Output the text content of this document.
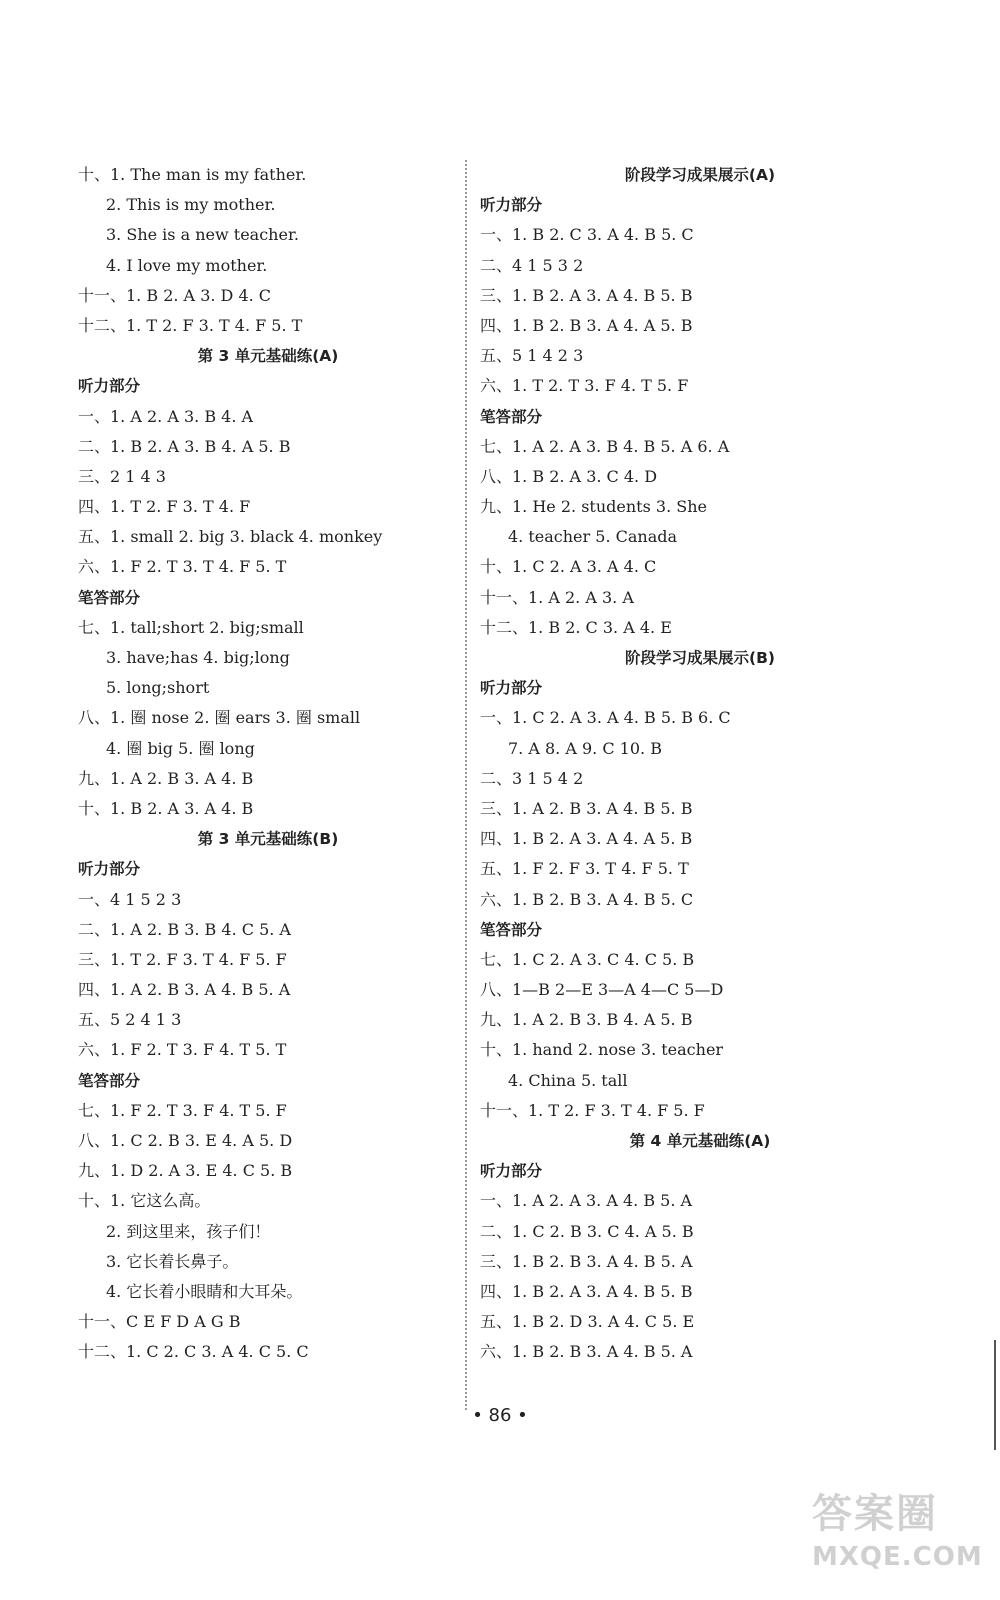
十、1. The man is my father.
2. This is my mother.
3. She is a new teacher.
4. I love my mother.
十一、1. B 2. A 3. D 4. C
十二、1. T 2. F 3. T 4. F 5. T
第 3 单元基础练(A)
听力部分
一、1. A 2. A 3. B 4. A
二、1. B 2. A 3. B 4. A 5. B
三、2 1 4 3
四、1. T 2. F 3. T 4. F
五、1. small 2. big 3. black 4. monkey
六、1. F 2. T 3. T 4. F 5. T
笔答部分
七、1. tall;short 2. big;small
3. have;has 4. big;long
5. long;short
八、1. 圈 nose 2. 圈 ears 3. 圈 small
4. 圈 big 5. 圈 long
九、1. A 2. B 3. A 4. B
十、1. B 2. A 3. A 4. B
第 3 单元基础练(B)
听力部分
一、4 1 5 2 3
二、1. A 2. B 3. B 4. C 5. A
三、1. T 2. F 3. T 4. F 5. F
四、1. A 2. B 3. A 4. B 5. A
五、5 2 4 1 3
六、1. F 2. T 3. F 4. T 5. T
笔答部分
七、1. F 2. T 3. F 4. T 5. F
八、1. C 2. B 3. E 4. A 5. D
九、1. D 2. A 3. E 4. C 5. B
十、1. 它这么高。
2. 到这里来，孩子们！
3. 它长着长鼻子。
4. 它长着小眼睛和大耳朵。
十一、C E F D A G B
十二、1. C 2. C 3. A 4. C 5. C
阶段学习成果展示(A)
听力部分
一、1. B 2. C 3. A 4. B 5. C
二、4 1 5 3 2
三、1. B 2. A 3. A 4. B 5. B
四、1. B 2. B 3. A 4. A 5. B
五、5 1 4 2 3
六、1. T 2. T 3. F 4. T 5. F
笔答部分
七、1. A 2. A 3. B 4. B 5. A 6. A
八、1. B 2. A 3. C 4. D
九、1. He 2. students 3. She
4. teacher 5. Canada
十、1. C 2. A 3. A 4. C
十一、1. A 2. A 3. A
十二、1. B 2. C 3. A 4. E
阶段学习成果展示(B)
听力部分
一、1. C 2. A 3. A 4. B 5. B 6. C
7. A 8. A 9. C 10. B
二、3 1 5 4 2
三、1. A 2. B 3. A 4. B 5. B
四、1. B 2. A 3. A 4. A 5. B
五、1. F 2. F 3. T 4. F 5. T
六、1. B 2. B 3. A 4. B 5. C
笔答部分
七、1. C 2. A 3. C 4. C 5. B
八、1—B 2—E 3—A 4—C 5—D
九、1. A 2. B 3. B 4. A 5. B
十、1. hand 2. nose 3. teacher
4. China 5. tall
十一、1. T 2. F 3. T 4. F 5. F
第 4 单元基础练(A)
听力部分
一、1. A 2. A 3. A 4. B 5. A
二、1. C 2. B 3. C 4. A 5. B
三、1. B 2. B 3. A 4. B 5. A
四、1. B 2. A 3. A 4. B 5. B
五、1. B 2. D 3. A 4. C 5. E
六、1. B 2. B 3. A 4. B 5. A
• 86 •
答案圈
MXQE.COM
